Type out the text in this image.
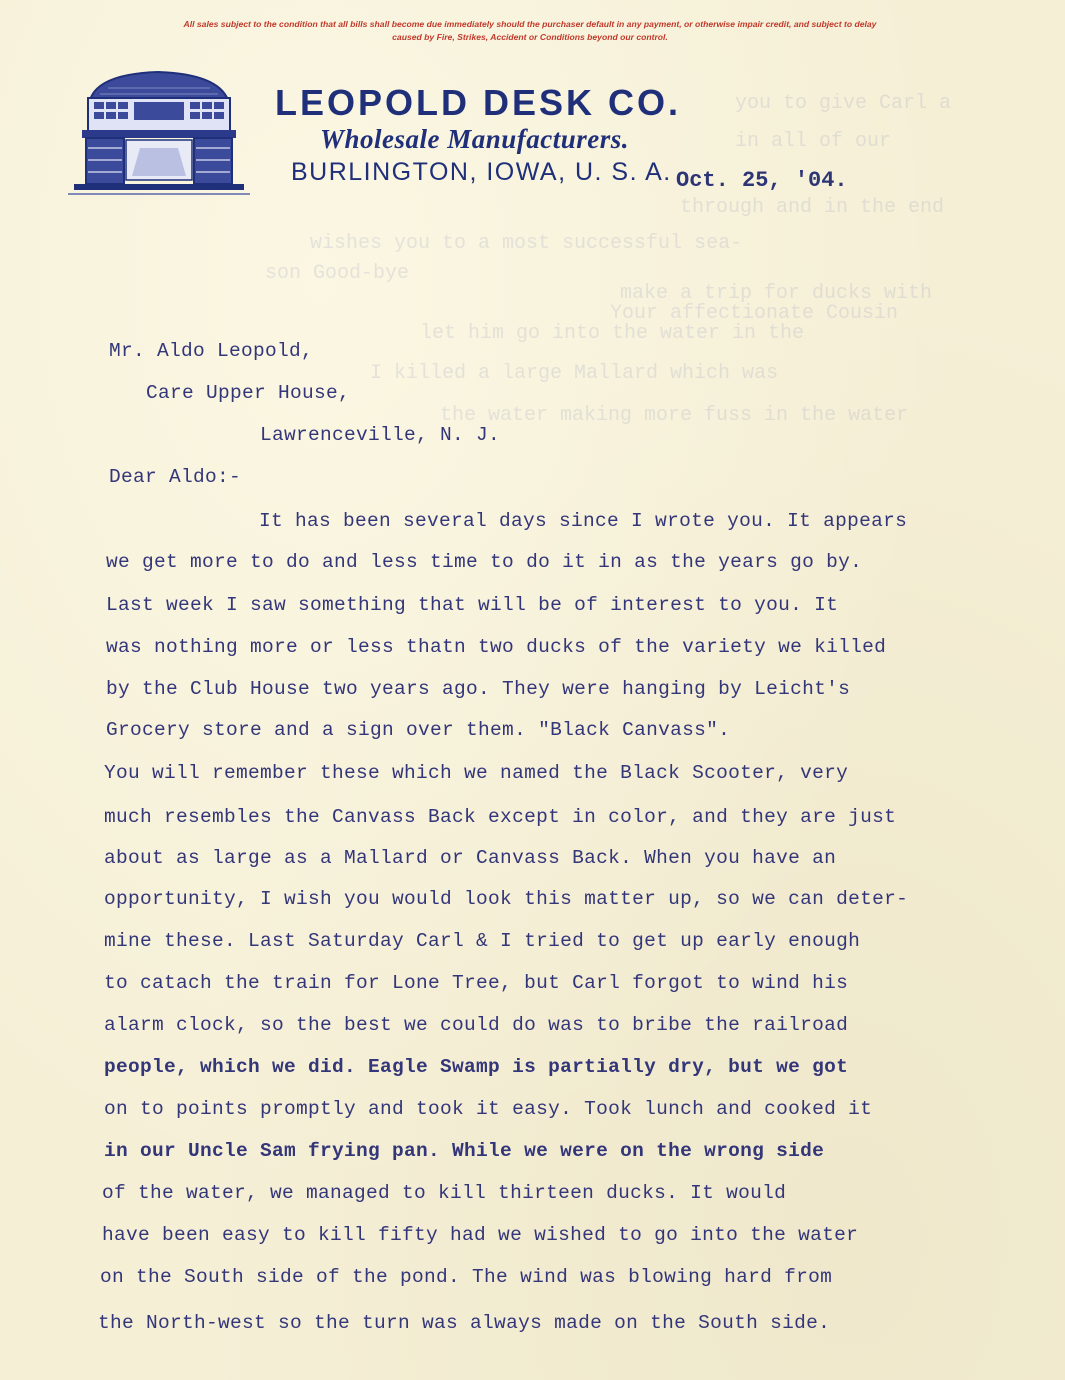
All sales subject to the condition that all bills shall become due immediately should the purchaser default in any payment, or otherwise impair credit, and subject to delay
caused by Fire, Strikes, Accident or Conditions beyond our control.
LEOPOLD DESK CO.
Wholesale Manufacturers.
BURLINGTON, IOWA, U. S. A. Oct. 25, '04.
you to give Carl a
in all of our
through and in the end
wishes you to a most successful sea-
son Good-bye
make a trip for ducks with
Your affectionate Cousin
let him go into the water in the
I killed a large Mallard which was
the water making more fuss in the water
Mr. Aldo Leopold,
Care Upper House,
Lawrenceville, N. J.
Dear Aldo:-
It has been several days since I wrote you. It appears
we get more to do and less time to do it in as the years go by.
Last week I saw something that will be of interest to you. It
was nothing more or less thatn two ducks of the variety we killed
by the Club House two years ago. They were hanging by Leicht's
Grocery store and a sign over them. "Black Canvass".
You will remember these which we named the Black Scooter, very
much resembles the Canvass Back except in color, and they are just
about as large as a Mallard or Canvass Back. When you have an
opportunity, I wish you would look this matter up, so we can deter-
mine these. Last Saturday Carl & I tried to get up early enough
to catach the train for Lone Tree, but Carl forgot to wind his
alarm clock, so the best we could do was to bribe the railroad
people, which we did. Eagle Swamp is partially dry, but we got
on to points promptly and took it easy. Took lunch and cooked it
in our Uncle Sam frying pan. While we were on the wrong side
of the water, we managed to kill thirteen ducks. It would
have been easy to kill fifty had we wished to go into the water
on the South side of the pond. The wind was blowing hard from
the North-west so the turn was always made on the South side.
